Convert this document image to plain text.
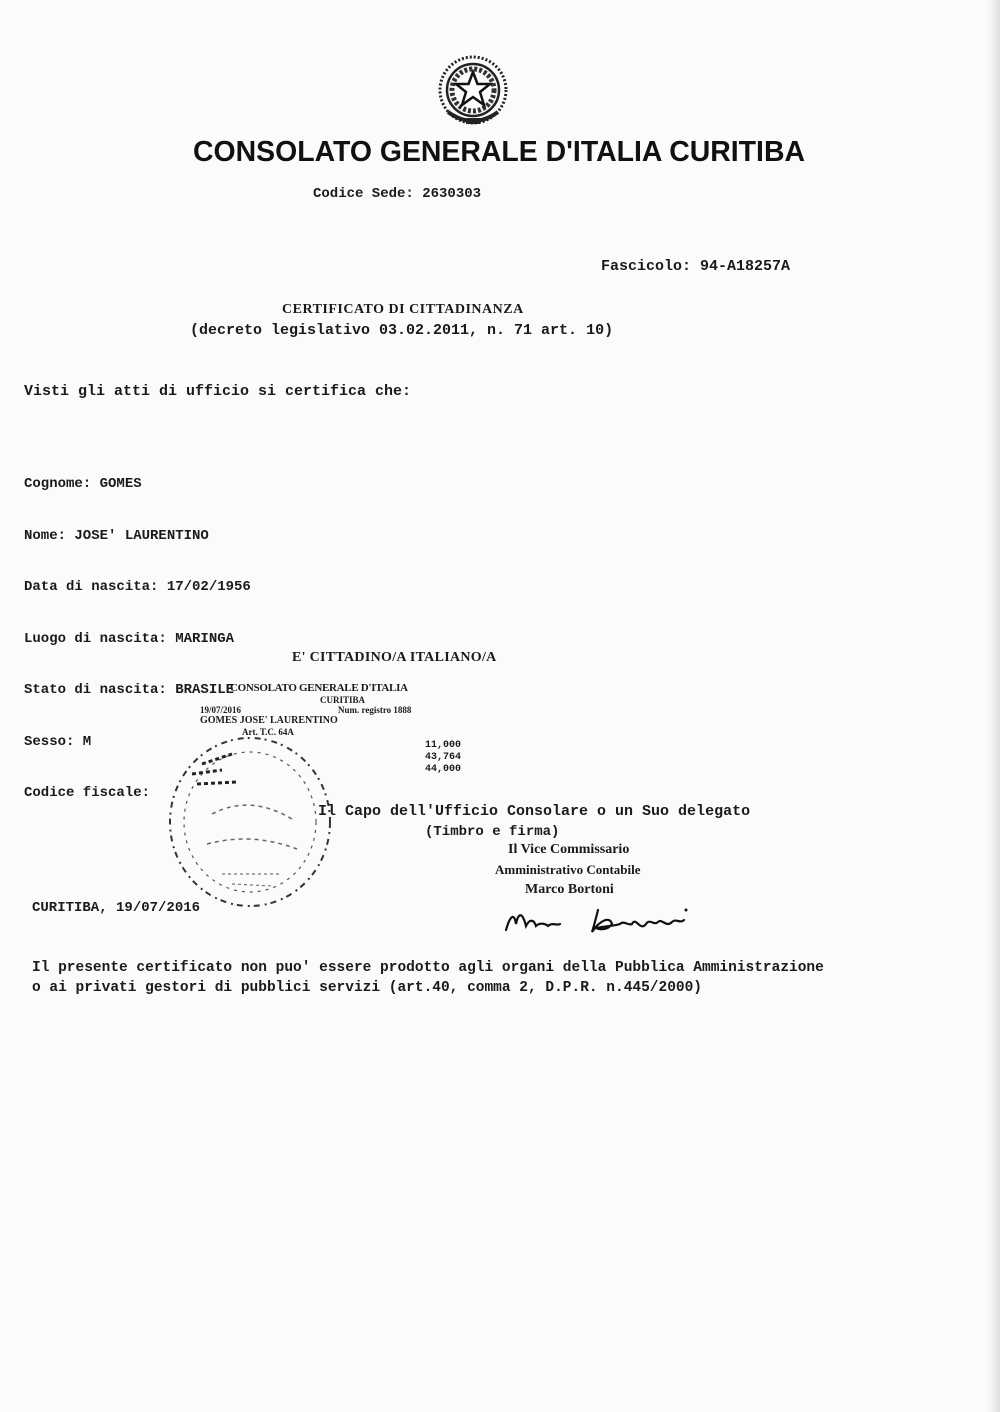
CONSOLATO GENERALE D'ITALIA CURITIBA
Codice Sede: 2630303
Fascicolo: 94-A18257A
CERTIFICATO DI CITTADINANZA
(decreto legislativo 03.02.2011, n. 71 art. 10)
Visti gli atti di ufficio si certifica che:

Cognome: GOMES

Nome: JOSE' LAURENTINO

Data di nascita: 17/02/1956

Luogo di nascita: MARINGA

Stato di nascita: BRASILE

Sesso: M

Codice fiscale:

E' CITTADINO/A ITALIANO/A

CONSOLATO GENERALE D'ITALIA

CURITIBA

19/07/2016

	Num. registro 1888

GOMES JOSE' LAURENTINO

Art. T.C. 64A

11,000

43,764

44,000

Il Capo dell'Ufficio Consolare o un Suo delegato
(Timbro e firma)

Il Vice Commissario

Amministrativo Contabile

Marco Bortoni

CURITIBA, 19/07/2016
Il presente certificato non puo' essere prodotto agli organi della Pubblica Amministrazione
o ai privati gestori di pubblici servizi (art.40, comma 2, D.P.R. n.445/2000)
